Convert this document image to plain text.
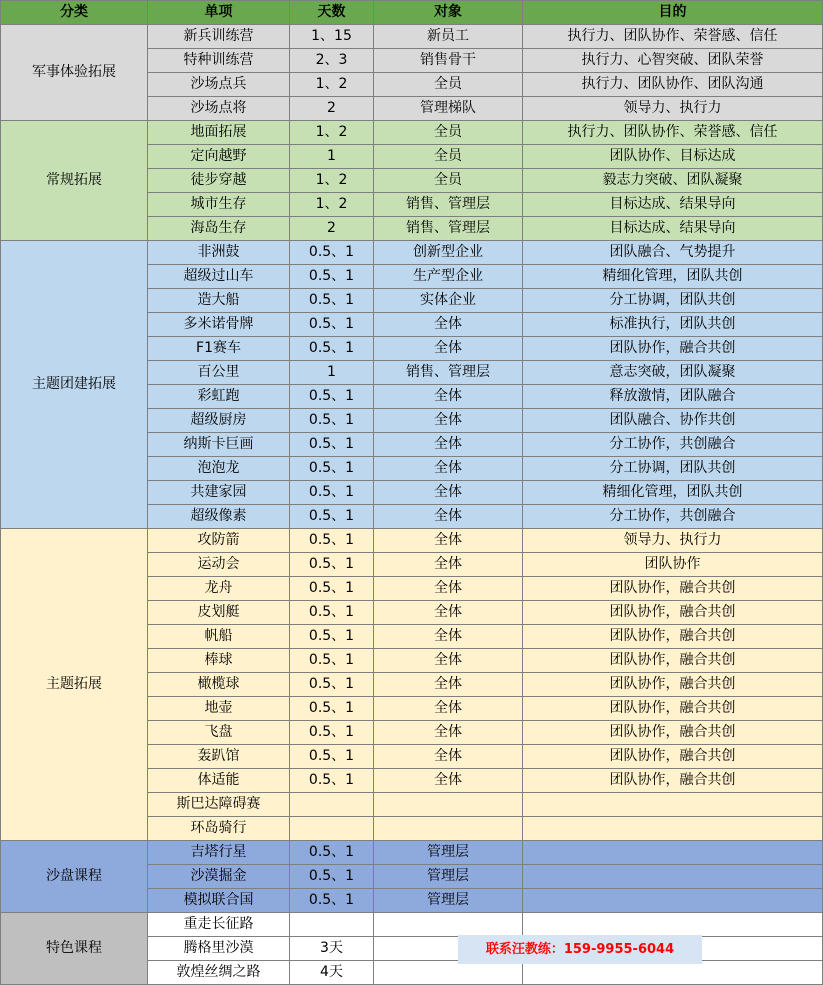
分类	单项	天数	对象	目的
军事体验拓展	新兵训练营	1、15	新员工	执行力、团队协作、荣誉感、信任
	特种训练营	2、3	销售骨干	执行力、心智突破、团队荣誉
	沙场点兵	1、2	全员	执行力、团队协作、团队沟通
	沙场点将	2	管理梯队	领导力、执行力
常规拓展	地面拓展	1、2	全员	执行力、团队协作、荣誉感、信任
	定向越野	1	全员	团队协作、目标达成
	徒步穿越	1、2	全员	毅志力突破、团队凝聚
	城市生存	1、2	销售、管理层	目标达成、结果导向
	海岛生存	2	销售、管理层	目标达成、结果导向
主题团建拓展	非洲鼓	0.5、1	创新型企业	团队融合、气势提升
	超级过山车	0.5、1	生产型企业	精细化管理，团队共创
	造大船	0.5、1	实体企业	分工协调，团队共创
	多米诺骨牌	0.5、1	全体	标准执行，团队共创
	F1赛车	0.5、1	全体	团队协作，融合共创
	百公里	1	销售、管理层	意志突破，团队凝聚
	彩虹跑	0.5、1	全体	释放激情，团队融合
	超级厨房	0.5、1	全体	团队融合、协作共创
	纳斯卡巨画	0.5、1	全体	分工协作，共创融合
	泡泡龙	0.5、1	全体	分工协调，团队共创
	共建家园	0.5、1	全体	精细化管理，团队共创
	超级像素	0.5、1	全体	分工协作，共创融合
主题拓展	攻防箭	0.5、1	全体	领导力、执行力
	运动会	0.5、1	全体	团队协作
	龙舟	0.5、1	全体	团队协作，融合共创
	皮划艇	0.5、1	全体	团队协作，融合共创
	帆船	0.5、1	全体	团队协作，融合共创
	棒球	0.5、1	全体	团队协作，融合共创
	橄榄球	0.5、1	全体	团队协作，融合共创
	地壶	0.5、1	全体	团队协作，融合共创
	飞盘	0.5、1	全体	团队协作，融合共创
	轰趴馆	0.5、1	全体	团队协作，融合共创
	体适能	0.5、1	全体	团队协作，融合共创
	斯巴达障碍赛			
	环岛骑行			
沙盘课程	吉塔行星	0.5、1	管理层	
	沙漠掘金	0.5、1	管理层	
	模拟联合国	0.5、1	管理层	
特色课程	重走长征路			
	腾格里沙漠	3天		
	敦煌丝绸之路	4天		
联系汪教练：159-9955-6044
